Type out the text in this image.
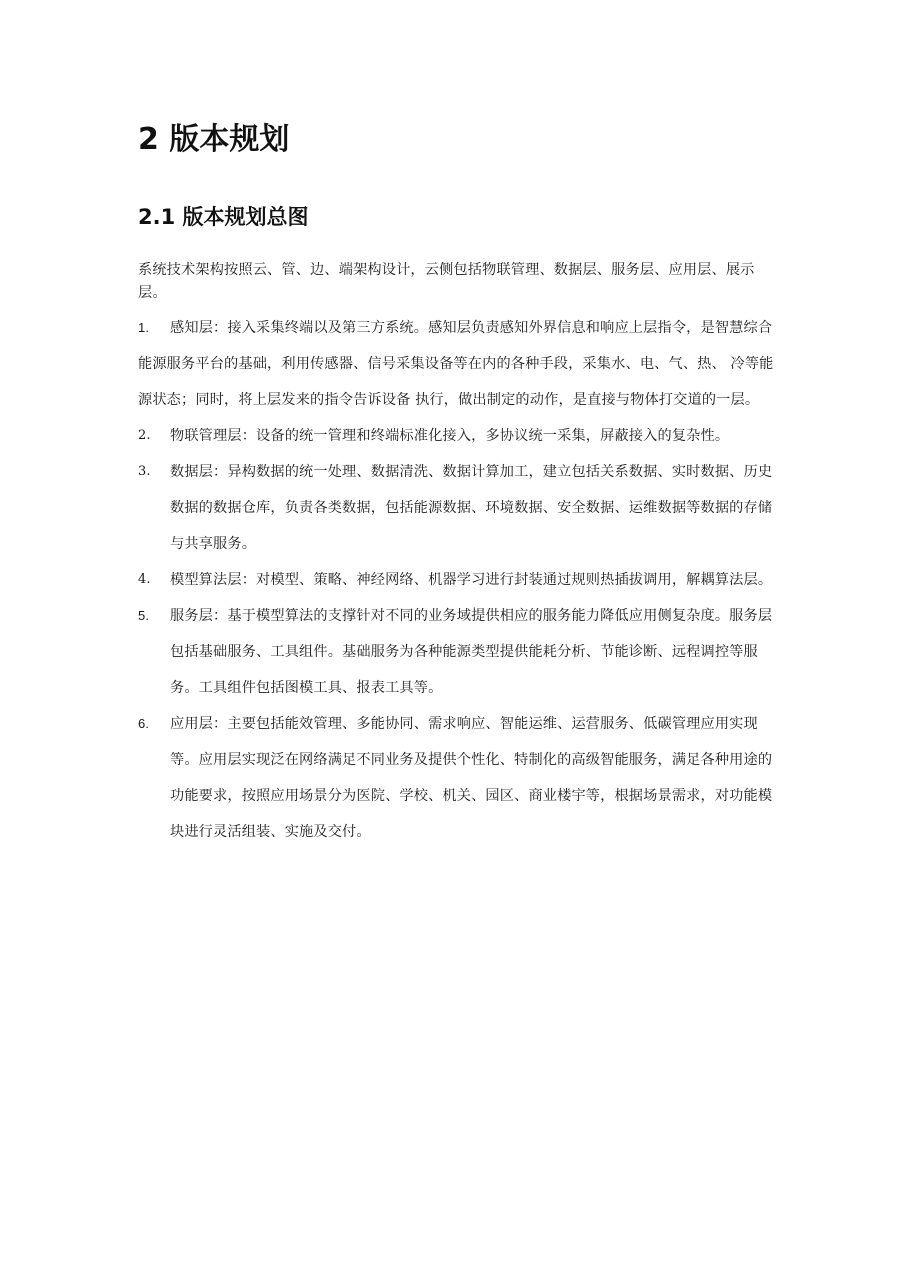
2 版本规划
2.1 版本规划总图

系统技术架构按照云、管、边、端架构设计，云侧包括物联管理、数据层、服务层、应用层、展示层。

1.	感知层：接入采集终端以及第三方系统。感知层负责感知外界信息和响应上层指令，是智慧综合能源服务平台的基础，利用传感器、信号采集设备等在内的各种手段，采集水、电、气、热、 冷等能源状态；同时，将上层发来的指令告诉设备 执行，做出制定的动作，是直接与物体打交道的一层。
2.	物联管理层：设备的统一管理和终端标准化接入，多协议统一采集，屏蔽接入的复杂性。
3.	数据层：异构数据的统一处理、数据清洗、数据计算加工，建立包括关系数据、实时数据、历史数据的数据仓库，负责各类数据，包括能源数据、环境数据、安全数据、运维数据等数据的存储与共享服务。
4.	模型算法层：对模型、策略、神经网络、机器学习进行封装通过规则热插拔调用，解耦算法层。
5.	服务层：基于模型算法的支撑针对不同的业务域提供相应的服务能力降低应用侧复杂度。服务层包括基础服务、工具组件。基础服务为各种能源类型提供能耗分析、节能诊断、远程调控等服务。工具组件包括图模工具、报表工具等。
6.	应用层：主要包括能效管理、多能协同、需求响应、智能运维、运营服务、低碳管理应用实现等。应用层实现泛在网络满足不同业务及提供个性化、特制化的高级智能服务，满足各种用途的功能要求，按照应用场景分为医院、学校、机关、园区、商业楼宇等，根据场景需求，对功能模块进行灵活组装、实施及交付。
